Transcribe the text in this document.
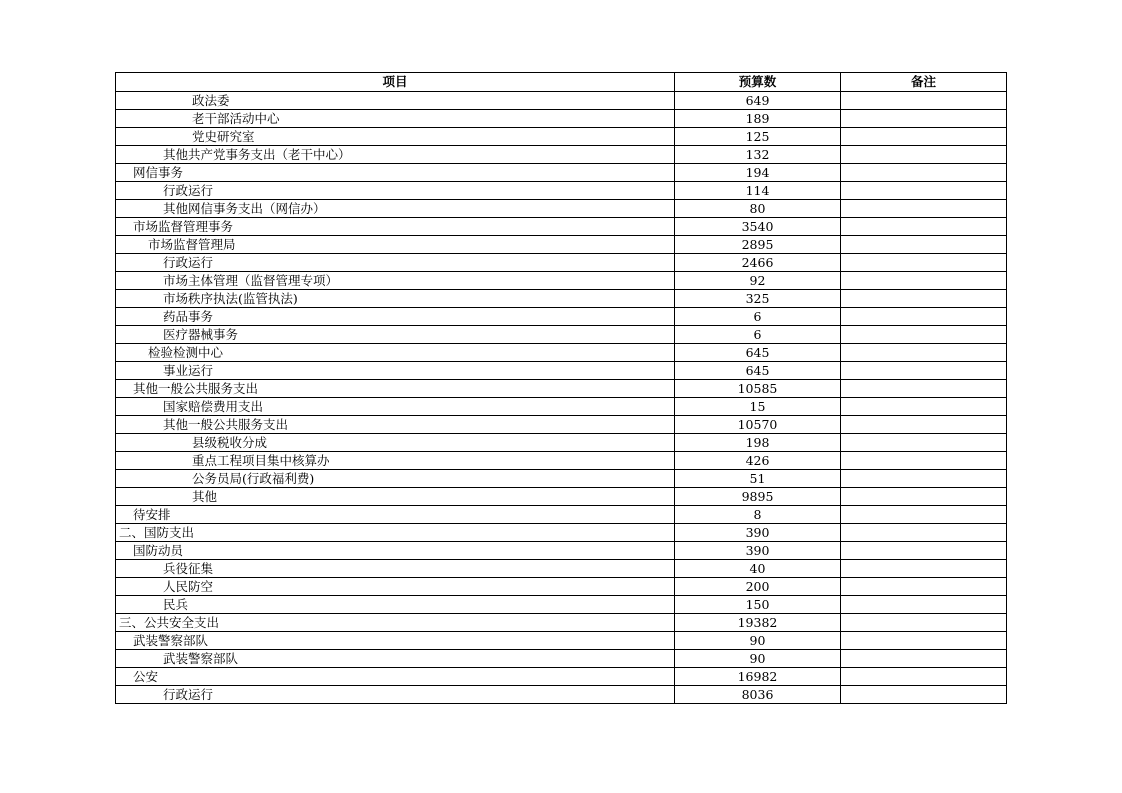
项目	预算数	备注
政法委	649	
老干部活动中心	189	
党史研究室	125	
其他共产党事务支出（老干中心）	132	
网信事务	194	
行政运行	114	
其他网信事务支出（网信办）	80	
市场监督管理事务	3540	
市场监督管理局	2895	
行政运行	2466	
市场主体管理（监督管理专项）	92	
市场秩序执法(监管执法)	325	
药品事务	6	
医疗器械事务	6	
检验检测中心	645	
事业运行	645	
其他一般公共服务支出	10585	
国家赔偿费用支出	15	
其他一般公共服务支出	10570	
县级税收分成	198	
重点工程项目集中核算办	426	
公务员局(行政福利费)	51	
其他	9895	
待安排	8	
二、国防支出	390	
国防动员	390	
兵役征集	40	
人民防空	200	
民兵	150	
三、公共安全支出	19382	
武装警察部队	90	
武装警察部队	90	
公安	16982	
行政运行	8036	
